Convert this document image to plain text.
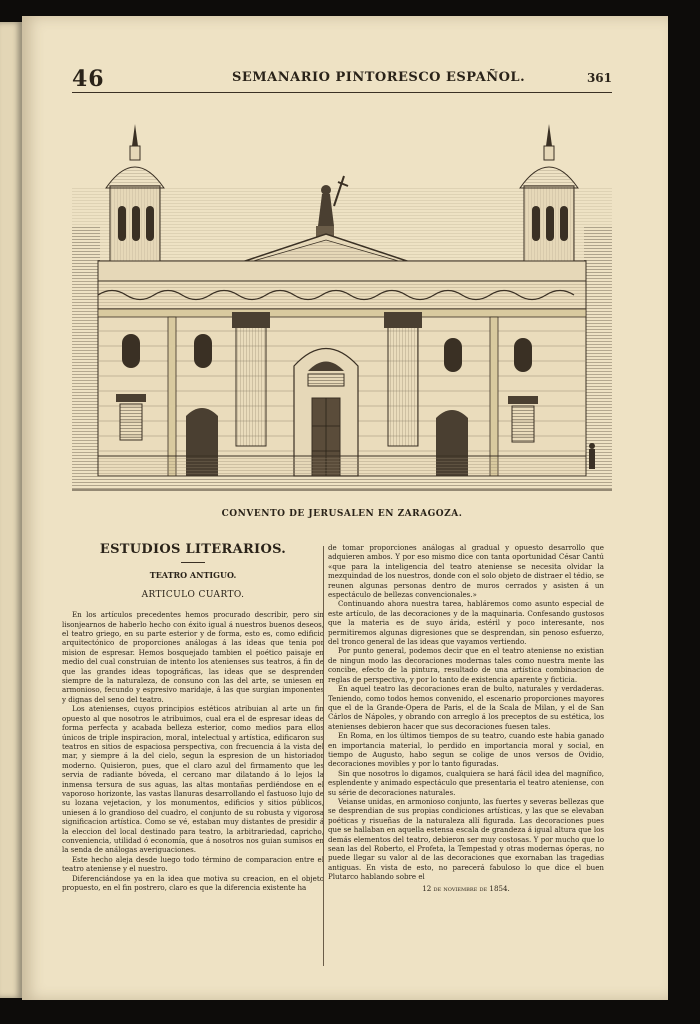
46	SEMANARIO PINTORESCO ESPAÑOL.	361
CONVENTO DE JERUSALEN EN ZARAGOZA.
ESTUDIOS LITERARIOS.
TEATRO ANTIGUO.
ARTICULO CUARTO.

En los artículos precedentes hemos procurado describir, pero sin lisonjearnos de haberlo hecho con éxito igual á nuestros buenos deseos, el teatro griego, en su parte esterior y de forma, esto es, como edificio arquitectónico de proporciones análogas á las ideas que tenia por mision de espresar. Hemos bosquejado tambien el poético paisaje en medio del cual construian de intento los atenienses sus teatros, á fin de que las grandes ideas topográficas, las ideas que se desprenden siempre de la naturaleza, de consuno con las del arte, se uniesen en armonioso, fecundo y espresivo maridaje, á las que surgian imponentes y dignas del seno del teatro.

Los atenienses, cuyos principios estéticos atribuian al arte un fin opuesto al que nosotros le atribuimos, cual era el de espresar ideas de forma perfecta y acabada belleza esterior, como medios para ellos únicos de triple inspiracion, moral, intelectual y artística, edificaron sus teatros en sitios de espaciosa perspectiva, con frecuencia á la vista del mar, y siempre á la del cielo, segun la espresion de un historiador moderno. Quisieron, pues, que el claro azul del firmamento que les servia de radiante bóveda, el cercano mar dilatando á lo lejos la inmensa tersura de sus aguas, las altas montañas perdiéndose en el vaporoso horizonte, las vastas llanuras desarrollando el fastuoso lujo de su lozana vejetacion, y los monumentos, edificios y sitios públicos, uniesen á lo grandioso del cuadro, el conjunto de su robusta y vigorosa significacion artística. Como se vé, estaban muy distantes de presidir á la eleccion del local destinado para teatro, la arbitrariedad, capricho, conveniencia, utilidad ó economía, que á nosotros nos guian sumisos en la senda de análogas averiguaciones.

Este hecho aleja desde luego todo término de comparacion entre el teatro ateniense y el nuestro.

Diferenciándose ya en la idea que motiva su creacion, en el objeto propuesto, en el fin postrero, claro es que la diferencia existente ha

de tomar proporciones análogas al gradual y opuesto desarrollo que adquieren ambos. Y por eso mismo dice con tanta oportunidad César Cantú «que para la inteligencia del teatro ateniense se necesita olvidar la mezquindad de los nuestros, donde con el solo objeto de distraer el tédio, se reunen algunas personas dentro de muros cerrados y asisten á un espectáculo de bellezas convencionales.»

Continuando ahora nuestra tarea, habláremos como asunto especial de este artículo, de las decoraciones y de la maquinaria. Confesando gustosos que la materia es de suyo árida, estéril y poco interesante, nos permitiremos algunas digresiones que se desprendan, sin penoso esfuerzo, del tronco general de las ideas que vayamos vertiendo.

Por punto general, podemos decir que en el teatro ateniense no existian de ningun modo las decoraciones modernas tales como nuestra mente las concibe, efecto de la pintura, resultado de una artística combinacion de reglas de perspectiva, y por lo tanto de existencia aparente y ficticia.

En aquel teatro las decoraciones eran de bulto, naturales y verdaderas. Teniendo, como todos hemos convenido, el escenario proporciones mayores que el de la Grande-Opera de Paris, el de la Scala de Milan, y el de San Cárlos de Nápoles, y obrando con arreglo á los preceptos de su estética, los atenienses debieron hacer que sus decoraciones fuesen tales.

En Roma, en los últimos tiempos de su teatro, cuando este habia ganado en importancia material, lo perdido en importancia moral y social, en tiempo de Augusto, habo segun se colige de unos versos de Ovidio, decoraciones movibles y por lo tanto figuradas.

Sin que nosotros lo digamos, cualquiera se hará fácil idea del magnífico, esplendente y animado espectáculo que presentaria el teatro ateniense, con su série de decoraciones naturales.

Veianse unidas, en armonioso conjunto, las fuertes y severas bellezas que se desprendian de sus propias condiciones artísticas, y las que se elevaban poéticas y risueñas de la naturaleza allí figurada. Las decoraciones pues que se hallaban en aquella estensa escala de grandeza á igual altura que los demás elementos del teatro, debieron ser muy costosas. Y por mucho que lo sean las del Roberto, el Profeta, la Tempestad y otras modernas óperas, no puede llegar su valor al de las decoraciones que exornaban las tragedias antiguas. En vista de esto, no parecerá fabuloso lo que dice el buen Plutarco hablando sobre el

12 de noviembre de 1854.
